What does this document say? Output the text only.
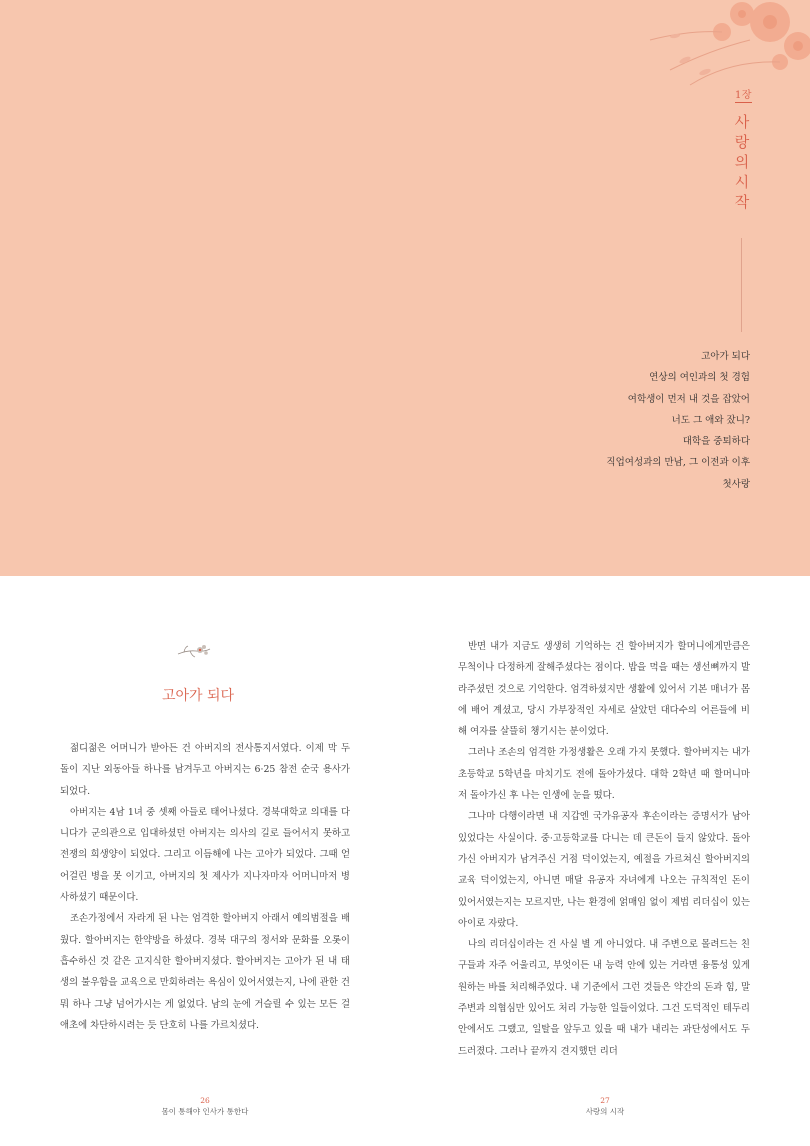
1장
사랑의 시작
고아가 되다
연상의 여인과의 첫 경험
여학생이 먼저 내 것을 잡았어
너도 그 애와 잤니?
대학을 중퇴하다
직업여성과의 만남, 그 이전과 이후
첫사랑
고아가 되다

젊디젊은 어머니가 받아든 건 아버지의 전사통지서였다. 이제 막 두 돌이 지난 외동아들 하나를 남겨두고 아버지는 6·25 참전 순국 용사가 되었다.

아버지는 4남 1녀 중 셋째 아들로 태어나셨다. 경북대학교 의대를 다니다가 군의관으로 입대하셨던 아버지는 의사의 길로 들어서지 못하고 전쟁의 희생양이 되었다. 그리고 이듬해에 나는 고아가 되었다. 그때 얻어걸린 병을 못 이기고, 아버지의 첫 제사가 지나자마자 어머니마저 병사하셨기 때문이다.

조손가정에서 자라게 된 나는 엄격한 할아버지 아래서 예의범절을 배웠다. 할아버지는 한약방을 하셨다. 경북 대구의 정서와 문화를 오롯이 흡수하신 것 같은 고지식한 할아버지셨다. 할아버지는 고아가 된 내 태생의 불우함을 교육으로 만회하려는 욕심이 있어서였는지, 나에 관한 건 뭐 하나 그냥 넘어가시는 게 없었다. 남의 눈에 거슬릴 수 있는 모든 걸 애초에 차단하시려는 듯 단호히 나를 가르치셨다.

반면 내가 지금도 생생히 기억하는 건 할아버지가 할머니에게만큼은 무척이나 다정하게 잘해주셨다는 점이다. 밥을 먹을 때는 생선뼈까지 발라주셨던 것으로 기억한다. 엄격하셨지만 생활에 있어서 기본 매너가 몸에 배어 계셨고, 당시 가부장적인 자세로 살았던 대다수의 어른들에 비해 여자를 살뜰히 챙기시는 분이었다.

그러나 조손의 엄격한 가정생활은 오래 가지 못했다. 할아버지는 내가 초등학교 5학년을 마치기도 전에 돌아가셨다. 대학 2학년 때 할머니마저 돌아가신 후 나는 인생에 눈을 떴다.

그나마 다행이라면 내 지갑엔 국가유공자 후손이라는 증명서가 남아 있었다는 사실이다. 중·고등학교를 다니는 데 큰돈이 들지 않았다. 돌아가신 아버지가 남겨주신 거점 덕이었는지, 예절을 가르쳐신 할아버지의 교육 덕이었는지, 아니면 매달 유공자 자녀에게 나오는 규칙적인 돈이 있어서였는지는 모르지만, 나는 환경에 얽매임 없이 제법 리더십이 있는 아이로 자랐다.

나의 리더십이라는 건 사실 별 게 아니었다. 내 주변으로 몰려드는 친구들과 자주 어울리고, 부엇이든 내 능력 안에 있는 거라면 융통성 있게 원하는 바를 처리해주었다. 내 기준에서 그런 것들은 약간의 돈과 힘, 말주변과 의협심만 있어도 처리 가능한 일들이었다. 그건 도덕적인 테두리 안에서도 그랬고, 일탈을 앞두고 있을 때 내가 내리는 과단성에서도 두드러졌다. 그러나 끝까지 견지했던 리더

26
몸이 통해야 인사가 통한다
27
사랑의 시작
